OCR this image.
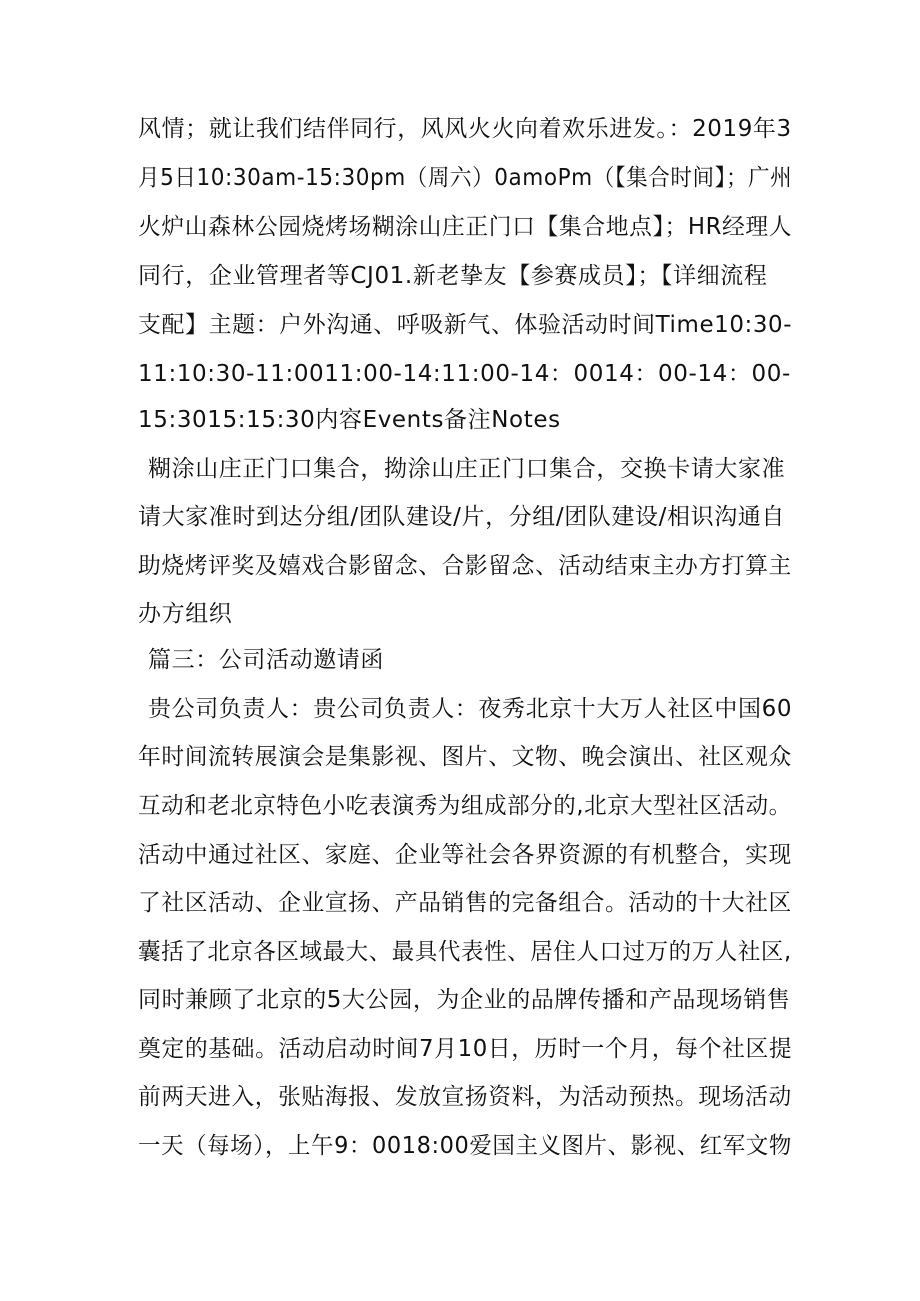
风情；就让我们结伴同行，风风火火向着欢乐进发。：2019年3
月5日10:30am-15:30pm（周六）0amoPm（【集合时间】；广州
火炉山森林公园烧烤场糊涂山庄正门口【集合地点】；HR经理人
同行，企业管理者等CJ01.新老挚友【参赛成员】；【详细流程
支配】主题：户外沟通、呼吸新气、体验活动时间Time10:30-
11:10:30-11:0011:00-14:11:00-14：0014：00-14：00-
15:3015:15:30内容Events备注Notes
糊涂山庄正门口集合，拗涂山庄正门口集合，交换卡请大家准
请大家准时到达分组/团队建设/片，分组/团队建设/相识沟通自
助烧烤评奖及嬉戏合影留念、合影留念、活动结束主办方打算主
办方组织
篇三：公司活动邀请函
贵公司负责人：贵公司负责人：夜秀北京十大万人社区中国60
年时间流转展演会是集影视、图片、文物、晚会演出、社区观众
互动和老北京特色小吃表演秀为组成部分的,北京大型社区活动。
活动中通过社区、家庭、企业等社会各界资源的有机整合，实现
了社区活动、企业宣扬、产品销售的完备组合。活动的十大社区
囊括了北京各区域最大、最具代表性、居住人口过万的万人社区,
同时兼顾了北京的5大公园，为企业的品牌传播和产品现场销售
奠定的基础。活动启动时间7月10日，历时一个月，每个社区提
前两天进入，张贴海报、发放宣扬资料，为活动预热。现场活动
一天（每场），上午9：0018:00爱国主义图片、影视、红军文物
